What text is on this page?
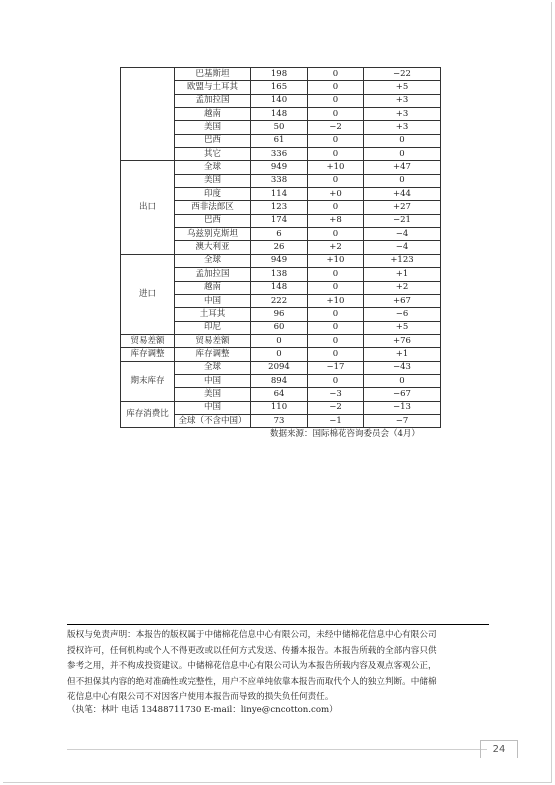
	巴基斯坦	198	0	−22
	欧盟与土耳其	165	0	+5
	孟加拉国	140	0	+3
	越南	148	0	+3
	美国	50	−2	+3
	巴西	61	0	0
	其它	336	0	0
出口	全球	949	+10	+47
	美国	338	0	0
	印度	114	+0	+44
	西非法郎区	123	0	+27
	巴西	174	+8	−21
	乌兹别克斯坦	6	0	−4
	澳大利亚	26	+2	−4
进口	全球	949	+10	+123
	孟加拉国	138	0	+1
	越南	148	0	+2
	中国	222	+10	+67
	土耳其	96	0	−6
	印尼	60	0	+5
贸易差额	贸易差额	0	0	+76
库存调整	库存调整	0	0	+1
期末库存	全球	2094	−17	−43
	中国	894	0	0
	美国	64	−3	−67
库存消费比	中国	110	−2	−13
	全球（不含中国）	73	−1	−7
数据来源：国际棉花咨询委员会（4月）
版权与免责声明：本报告的版权属于中储棉花信息中心有限公司，未经中储棉花信息中心有限公司
授权许可，任何机构或个人不得更改或以任何方式发送、传播本报告。本报告所载的全部内容只供
参考之用，并不构成投资建议。中储棉花信息中心有限公司认为本报告所载内容及观点客观公正，
但不担保其内容的绝对准确性或完整性，用户不应单纯依靠本报告而取代个人的独立判断。中储棉
花信息中心有限公司不对因客户使用本报告而导致的损失负任何责任。
（执笔：林叶 电话 13488711730 E-mail：linye@cncotton.com）
24
